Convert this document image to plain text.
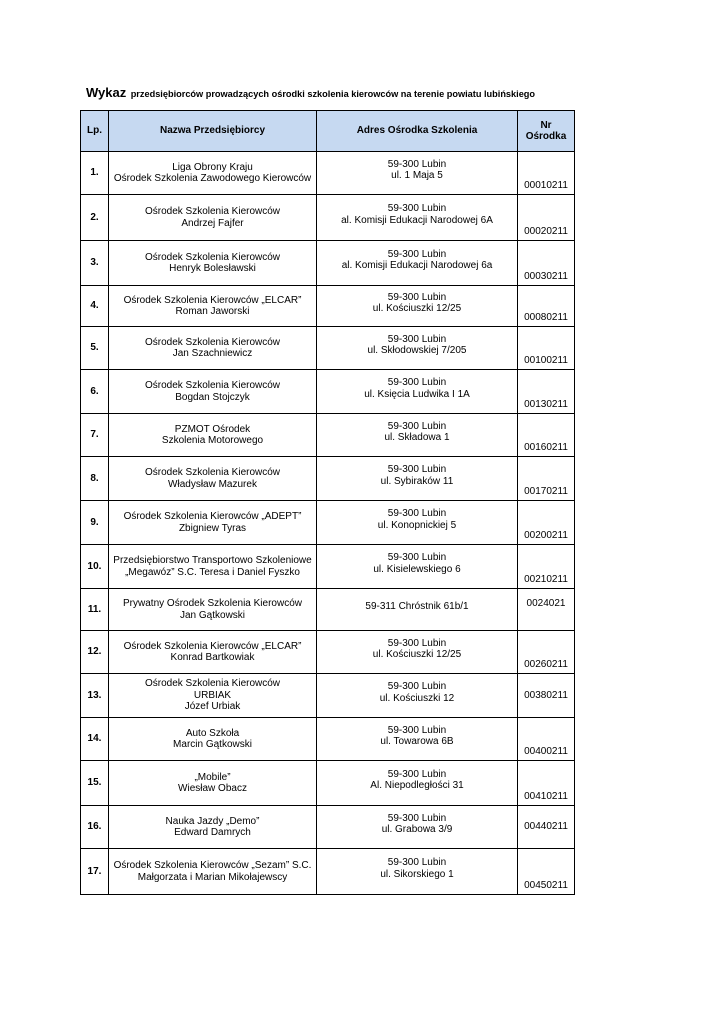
Wykaz przedsiębiorców prowadzących ośrodki szkolenia kierowców na terenie powiatu lubińskiego
Lp.	Nazwa Przedsiębiorcy	Adres Ośrodka Szkolenia	Nr
Ośrodka

1.	Liga Obrony Kraju
Ośrodek Szkolenia Zawodowego Kierowców	59-300 Lubin
ul. 1 Maja 5	00010211
2.	Ośrodek Szkolenia Kierowców
Andrzej Fajfer	59-300 Lubin
al. Komisji Edukacji Narodowej 6A	00020211
3.	Ośrodek Szkolenia Kierowców
Henryk Bolesławski	59-300 Lubin
al. Komisji Edukacji Narodowej 6a	00030211
4.	Ośrodek Szkolenia Kierowców „ELCAR”
Roman Jaworski	59-300 Lubin
ul. Kościuszki 12/25	00080211
5.	Ośrodek Szkolenia Kierowców
Jan Szachniewicz	59-300 Lubin
ul. Skłodowskiej 7/205	00100211
6.	Ośrodek Szkolenia Kierowców
Bogdan Stojczyk	59-300 Lubin
ul. Księcia Ludwika I 1A	00130211
7.	PZMOT Ośrodek
Szkolenia Motorowego	59-300 Lubin
ul. Składowa 1	00160211
8.	Ośrodek Szkolenia Kierowców
Władysław Mazurek	59-300 Lubin
ul. Sybiraków 11	00170211
9.	Ośrodek Szkolenia Kierowców „ADEPT”
Zbigniew Tyras	59-300 Lubin
ul. Konopnickiej 5	00200211
10.	Przedsiębiorstwo Transportowo Szkoleniowe
„Megawóz” S.C. Teresa i Daniel Fyszko	59-300 Lubin
ul. Kisielewskiego 6	00210211
11.	Prywatny Ośrodek Szkolenia Kierowców
Jan Gątkowski	59-311 Chróstnik 61b/1	0024021
12.	Ośrodek Szkolenia Kierowców „ELCAR”
Konrad Bartkowiak	59-300 Lubin
ul. Kościuszki 12/25	00260211
13.	Ośrodek Szkolenia Kierowców
URBIAK
Józef Urbiak	59-300 Lubin
ul. Kościuszki 12	00380211
14.	Auto Szkoła
Marcin Gątkowski	59-300 Lubin
ul. Towarowa 6B	00400211
15.	„Mobile”
Wiesław Obacz	59-300 Lubin
Al. Niepodległości 31	00410211
16.	Nauka Jazdy „Demo”
Edward Damrych	59-300 Lubin
ul. Grabowa 3/9	00440211
17.	Ośrodek Szkolenia Kierowców „Sezam” S.C.
Małgorzata i Marian Mikołajewscy	59-300 Lubin
ul. Sikorskiego 1	00450211
